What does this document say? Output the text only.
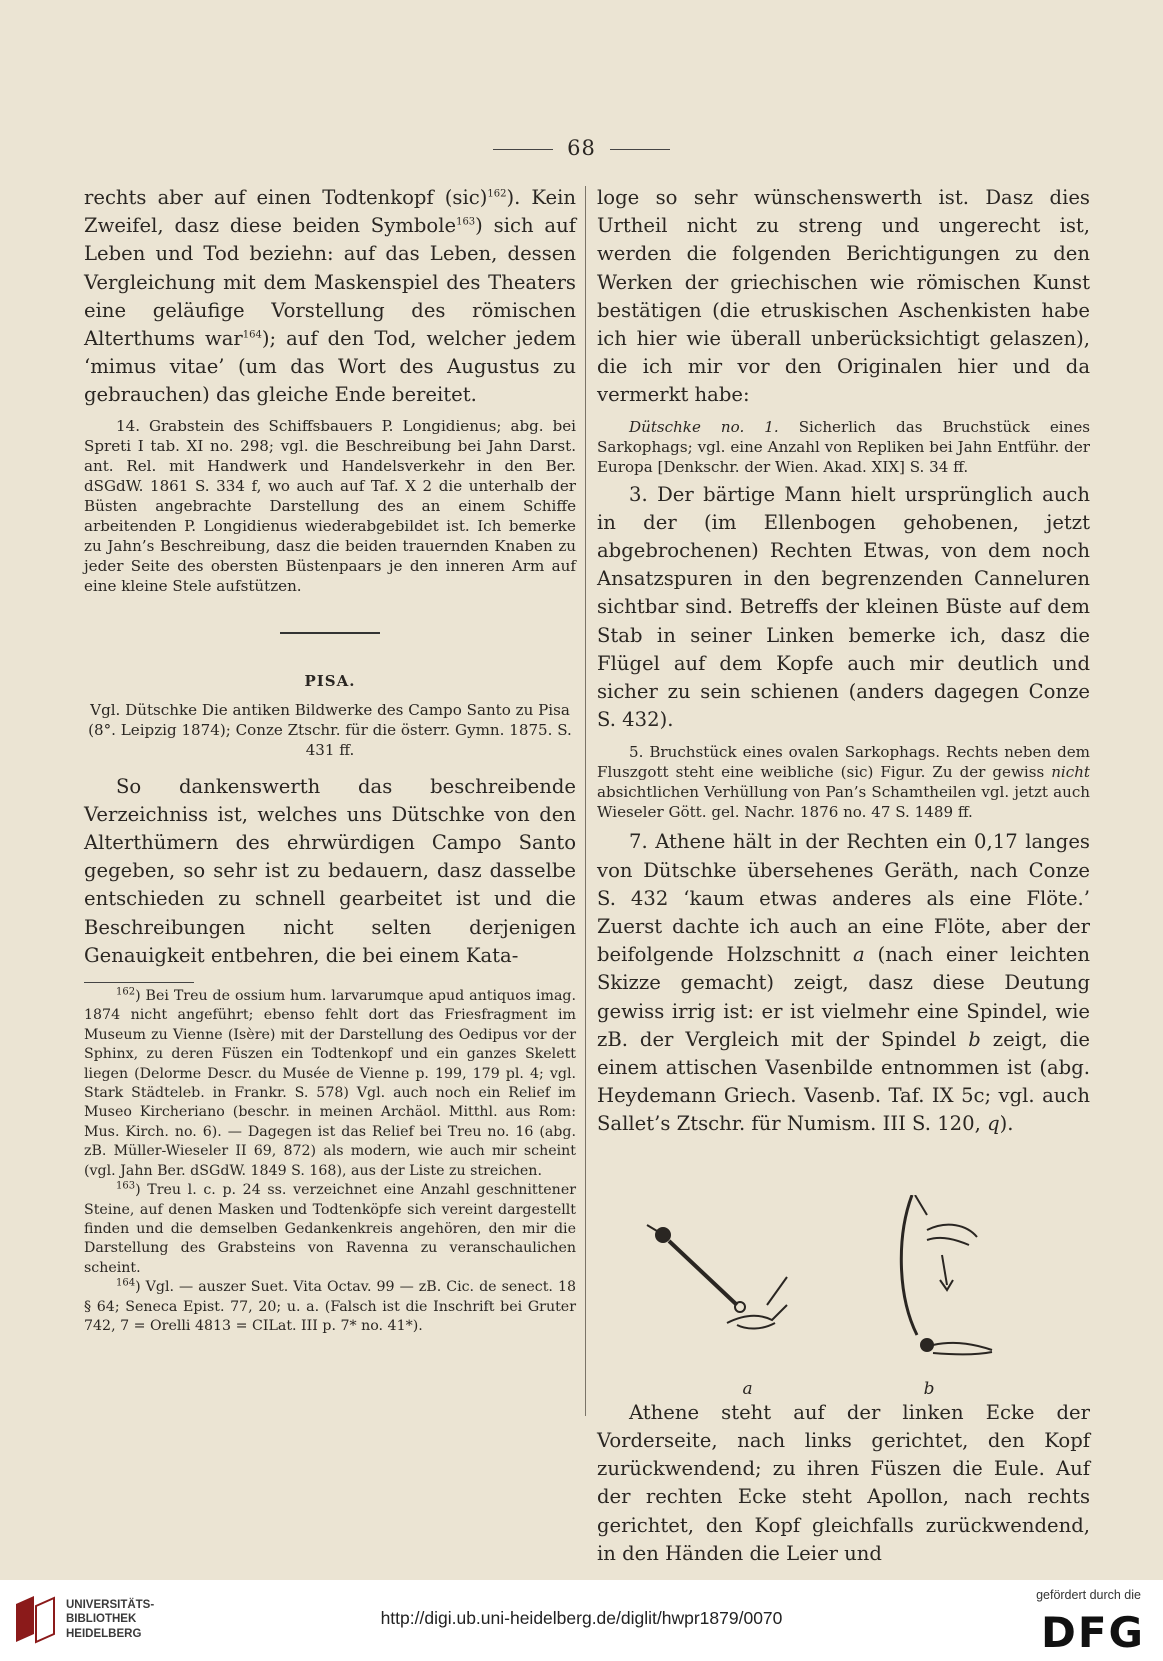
68

rechts aber auf einen Todtenkopf (sic)$^{162}$). Kein Zweifel, dasz diese beiden Symbole$^{163}$) sich auf Leben und Tod beziehn: auf das Leben, dessen Vergleichung mit dem Maskenspiel des Theaters eine geläufige Vorstellung des römischen Alterthums war$^{164}$); auf den Tod, welcher jedem ‘mimus vitae’ (um das Wort des Augustus zu gebrauchen) das gleiche Ende bereitet.

14. Grabstein des Schiffsbauers P. Longidienus; abg. bei Spreti I tab. XI no. 298; vgl. die Beschreibung bei Jahn Darst. ant. Rel. mit Handwerk und Handelsverkehr in den Ber. dSGdW. 1861 S. 334 f, wo auch auf Taf. X 2 die unterhalb der Büsten angebrachte Darstellung des an einem Schiffe arbeitenden P. Longidienus wiederabgebildet ist. Ich bemerke zu Jahn’s Beschreibung, dasz die beiden trauernden Knaben zu jeder Seite des obersten Büstenpaars je den inneren Arm auf eine kleine Stele aufstützen.

PISA.

Vgl. Dütschke Die antiken Bildwerke des Campo Santo zu Pisa (8°. Leipzig 1874); Conze Ztschr. für die österr. Gymn. 1875. S. 431 ff.

So dankenswerth das beschreibende Verzeichniss ist, welches uns Dütschke von den Alterthümern des ehrwürdigen Campo Santo gegeben, so sehr ist zu bedauern, dasz dasselbe entschieden zu schnell gearbeitet ist und die Beschreibungen nicht selten derjenigen Genauigkeit entbehren, die bei einem Kata-

$^{162}$) Bei Treu de ossium hum. larvarumque apud antiquos imag. 1874 nicht angeführt; ebenso fehlt dort das Friesfragment im Museum zu Vienne (Isère) mit der Darstellung des Oedipus vor der Sphinx, zu deren Füszen ein Todtenkopf und ein ganzes Skelett liegen (Delorme Descr. du Musée de Vienne p. 199, 179 pl. 4; vgl. Stark Städteleb. in Frankr. S. 578) Vgl. auch noch ein Relief im Museo Kircheriano (beschr. in meinen Archäol. Mitthl. aus Rom: Mus. Kirch. no. 6). — Dagegen ist das Relief bei Treu no. 16 (abg. zB. Müller-Wieseler II 69, 872) als modern, wie auch mir scheint (vgl. Jahn Ber. dSGdW. 1849 S. 168), aus der Liste zu streichen.

$^{163}$) Treu l. c. p. 24 ss. verzeichnet eine Anzahl geschnittener Steine, auf denen Masken und Todtenköpfe sich vereint dargestellt finden und die demselben Gedankenkreis angehören, den mir die Darstellung des Grabsteins von Ravenna zu veranschaulichen scheint.

$^{164}$) Vgl. — auszer Suet. Vita Octav. 99 — zB. Cic. de senect. 18 § 64; Seneca Epist. 77, 20; u. a. (Falsch ist die Inschrift bei Gruter 742, 7 = Orelli 4813 = CILat. III p. 7* no. 41*).

loge so sehr wünschenswerth ist. Dasz dies Urtheil nicht zu streng und ungerecht ist, werden die folgenden Berichtigungen zu den Werken der griechischen wie römischen Kunst bestätigen (die etruskischen Aschenkisten habe ich hier wie überall unberücksichtigt gelaszen), die ich mir vor den Originalen hier und da vermerkt habe:

Dütschke no. 1. Sicherlich das Bruchstück eines Sarkophags; vgl. eine Anzahl von Repliken bei Jahn Entführ. der Europa [Denkschr. der Wien. Akad. XIX] S. 34 ff.

3. Der bärtige Mann hielt ursprünglich auch in der (im Ellenbogen gehobenen, jetzt abgebrochenen) Rechten Etwas, von dem noch Ansatzspuren in den begrenzenden Canneluren sichtbar sind. Betreffs der kleinen Büste auf dem Stab in seiner Linken bemerke ich, dasz die Flügel auf dem Kopfe auch mir deutlich und sicher zu sein schienen (anders dagegen Conze S. 432).

5. Bruchstück eines ovalen Sarkophags. Rechts neben dem Fluszgott steht eine weibliche (sic) Figur. Zu der gewiss nicht absichtlichen Verhüllung von Pan’s Schamtheilen vgl. jetzt auch Wieseler Gött. gel. Nachr. 1876 no. 47 S. 1489 ff.

7. Athene hält in der Rechten ein 0,17 langes von Dütschke übersehenes Geräth, nach Conze S. 432 ‘kaum etwas anderes als eine Flöte.’ Zuerst dachte ich auch an eine Flöte, aber der beifolgende Holzschnitt a (nach einer leichten Skizze gemacht) zeigt, dasz diese Deutung gewiss irrig ist: er ist vielmehr eine Spindel, wie zB. der Vergleich mit der Spindel b zeigt, die einem attischen Vasenbilde entnommen ist (abg. Heydemann Griech. Vasenb. Taf. IX 5c; vgl. auch Sallet’s Ztschr. für Numism. III S. 120, q).

a	b

Athene steht auf der linken Ecke der Vorderseite, nach links gerichtet, den Kopf zurückwendend; zu ihren Füszen die Eule. Auf der rechten Ecke steht Apollon, nach rechts gerichtet, den Kopf gleichfalls zurückwendend, in den Händen die Leier und

UNIVERSITÄTS-
BIBLIOTHEK
HEIDELBERG
http://digi.ub.uni-heidelberg.de/diglit/hwpr1879/0070
gefördert durch die
DFG
